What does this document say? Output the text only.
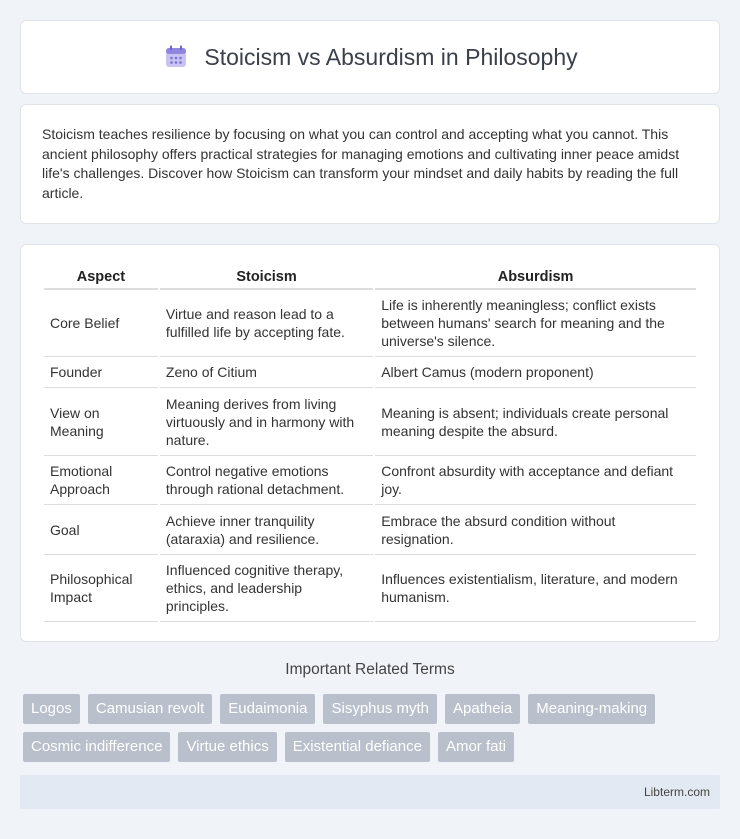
Stoicism vs Absurdism in Philosophy

Stoicism teaches resilience by focusing on what you can control and accepting what you cannot. This ancient philosophy offers practical strategies for managing emotions and cultivating inner peace amidst life's challenges. Discover how Stoicism can transform your mindset and daily habits by reading the full article.

Aspect	Stoicism	Absurdism
Core Belief	Virtue and reason lead to a fulfilled life by accepting fate.	Life is inherently meaningless; conflict exists between humans' search for meaning and the universe's silence.
Founder	Zeno of Citium	Albert Camus (modern proponent)
View on Meaning	Meaning derives from living virtuously and in harmony with nature.	Meaning is absent; individuals create personal meaning despite the absurd.
Emotional Approach	Control negative emotions through rational detachment.	Confront absurdity with acceptance and defiant joy.
Goal	Achieve inner tranquility (ataraxia) and resilience.	Embrace the absurd condition without resignation.
Philosophical Impact	Influenced cognitive therapy, ethics, and leadership principles.	Influences existentialism, literature, and modern humanism.
Important Related Terms
Logos	Camusian revolt	Eudaimonia	Sisyphus myth	Apatheia	Meaning-making
Cosmic indifference	Virtue ethics	Existential defiance	Amor fati
Libterm.com
